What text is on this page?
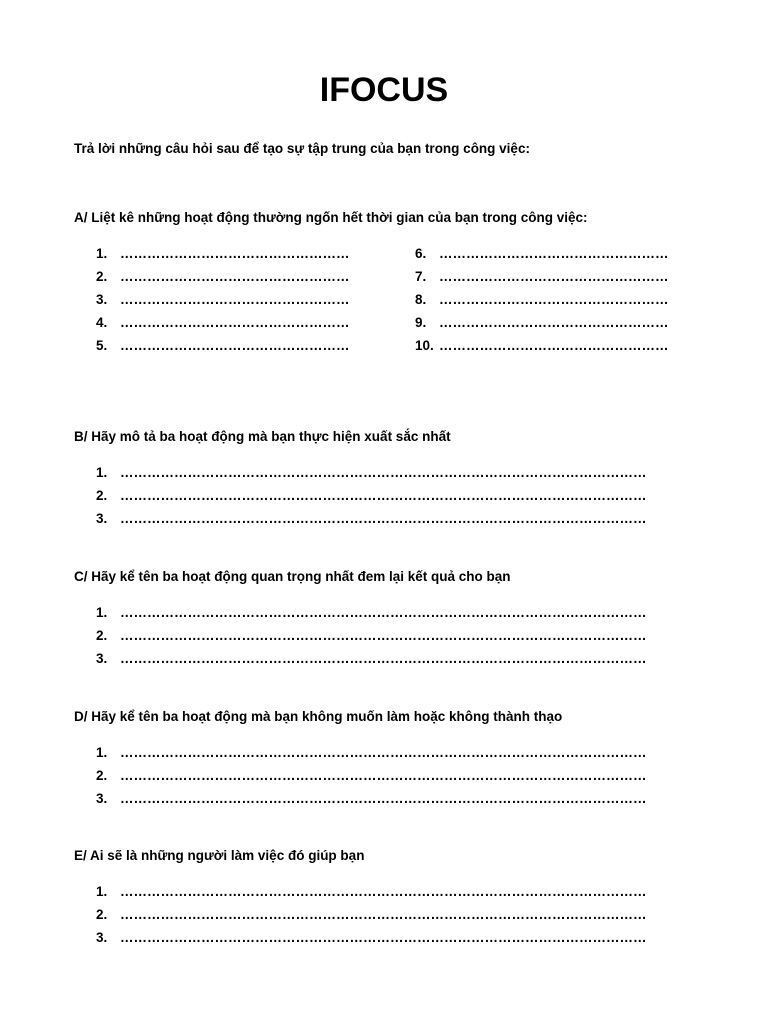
IFOCUS
Trả lời những câu hỏi sau để tạo sự tập trung của bạn trong công việc:
A/ Liệt kê những hoạt động thường ngốn hết thời gian của bạn trong công việc:
1. ……………………………………………
2. ……………………………………………
3. ……………………………………………
4. ……………………………………………
5. ……………………………………………
6. ……………………………………………
7. ……………………………………………
8. ……………………………………………
9. ……………………………………………
10. ……………………………………………
B/ Hãy mô tả ba hoạt động mà bạn thực hiện xuất sắc nhất
1. ………………………………………………………………………………………………………
2. ………………………………………………………………………………………………………
3. ………………………………………………………………………………………………………
C/ Hãy kể tên ba hoạt động quan trọng nhất đem lại kết quả cho bạn
1. ………………………………………………………………………………………………………
2. ………………………………………………………………………………………………………
3. ………………………………………………………………………………………………………
D/ Hãy kể tên ba hoạt động mà bạn không muốn làm hoặc không thành thạo
1. ………………………………………………………………………………………………………
2. ………………………………………………………………………………………………………
3. ………………………………………………………………………………………………………
E/ Ai sẽ là những người làm việc đó giúp bạn
1. ………………………………………………………………………………………………………
2. ………………………………………………………………………………………………………
3. ………………………………………………………………………………………………………
